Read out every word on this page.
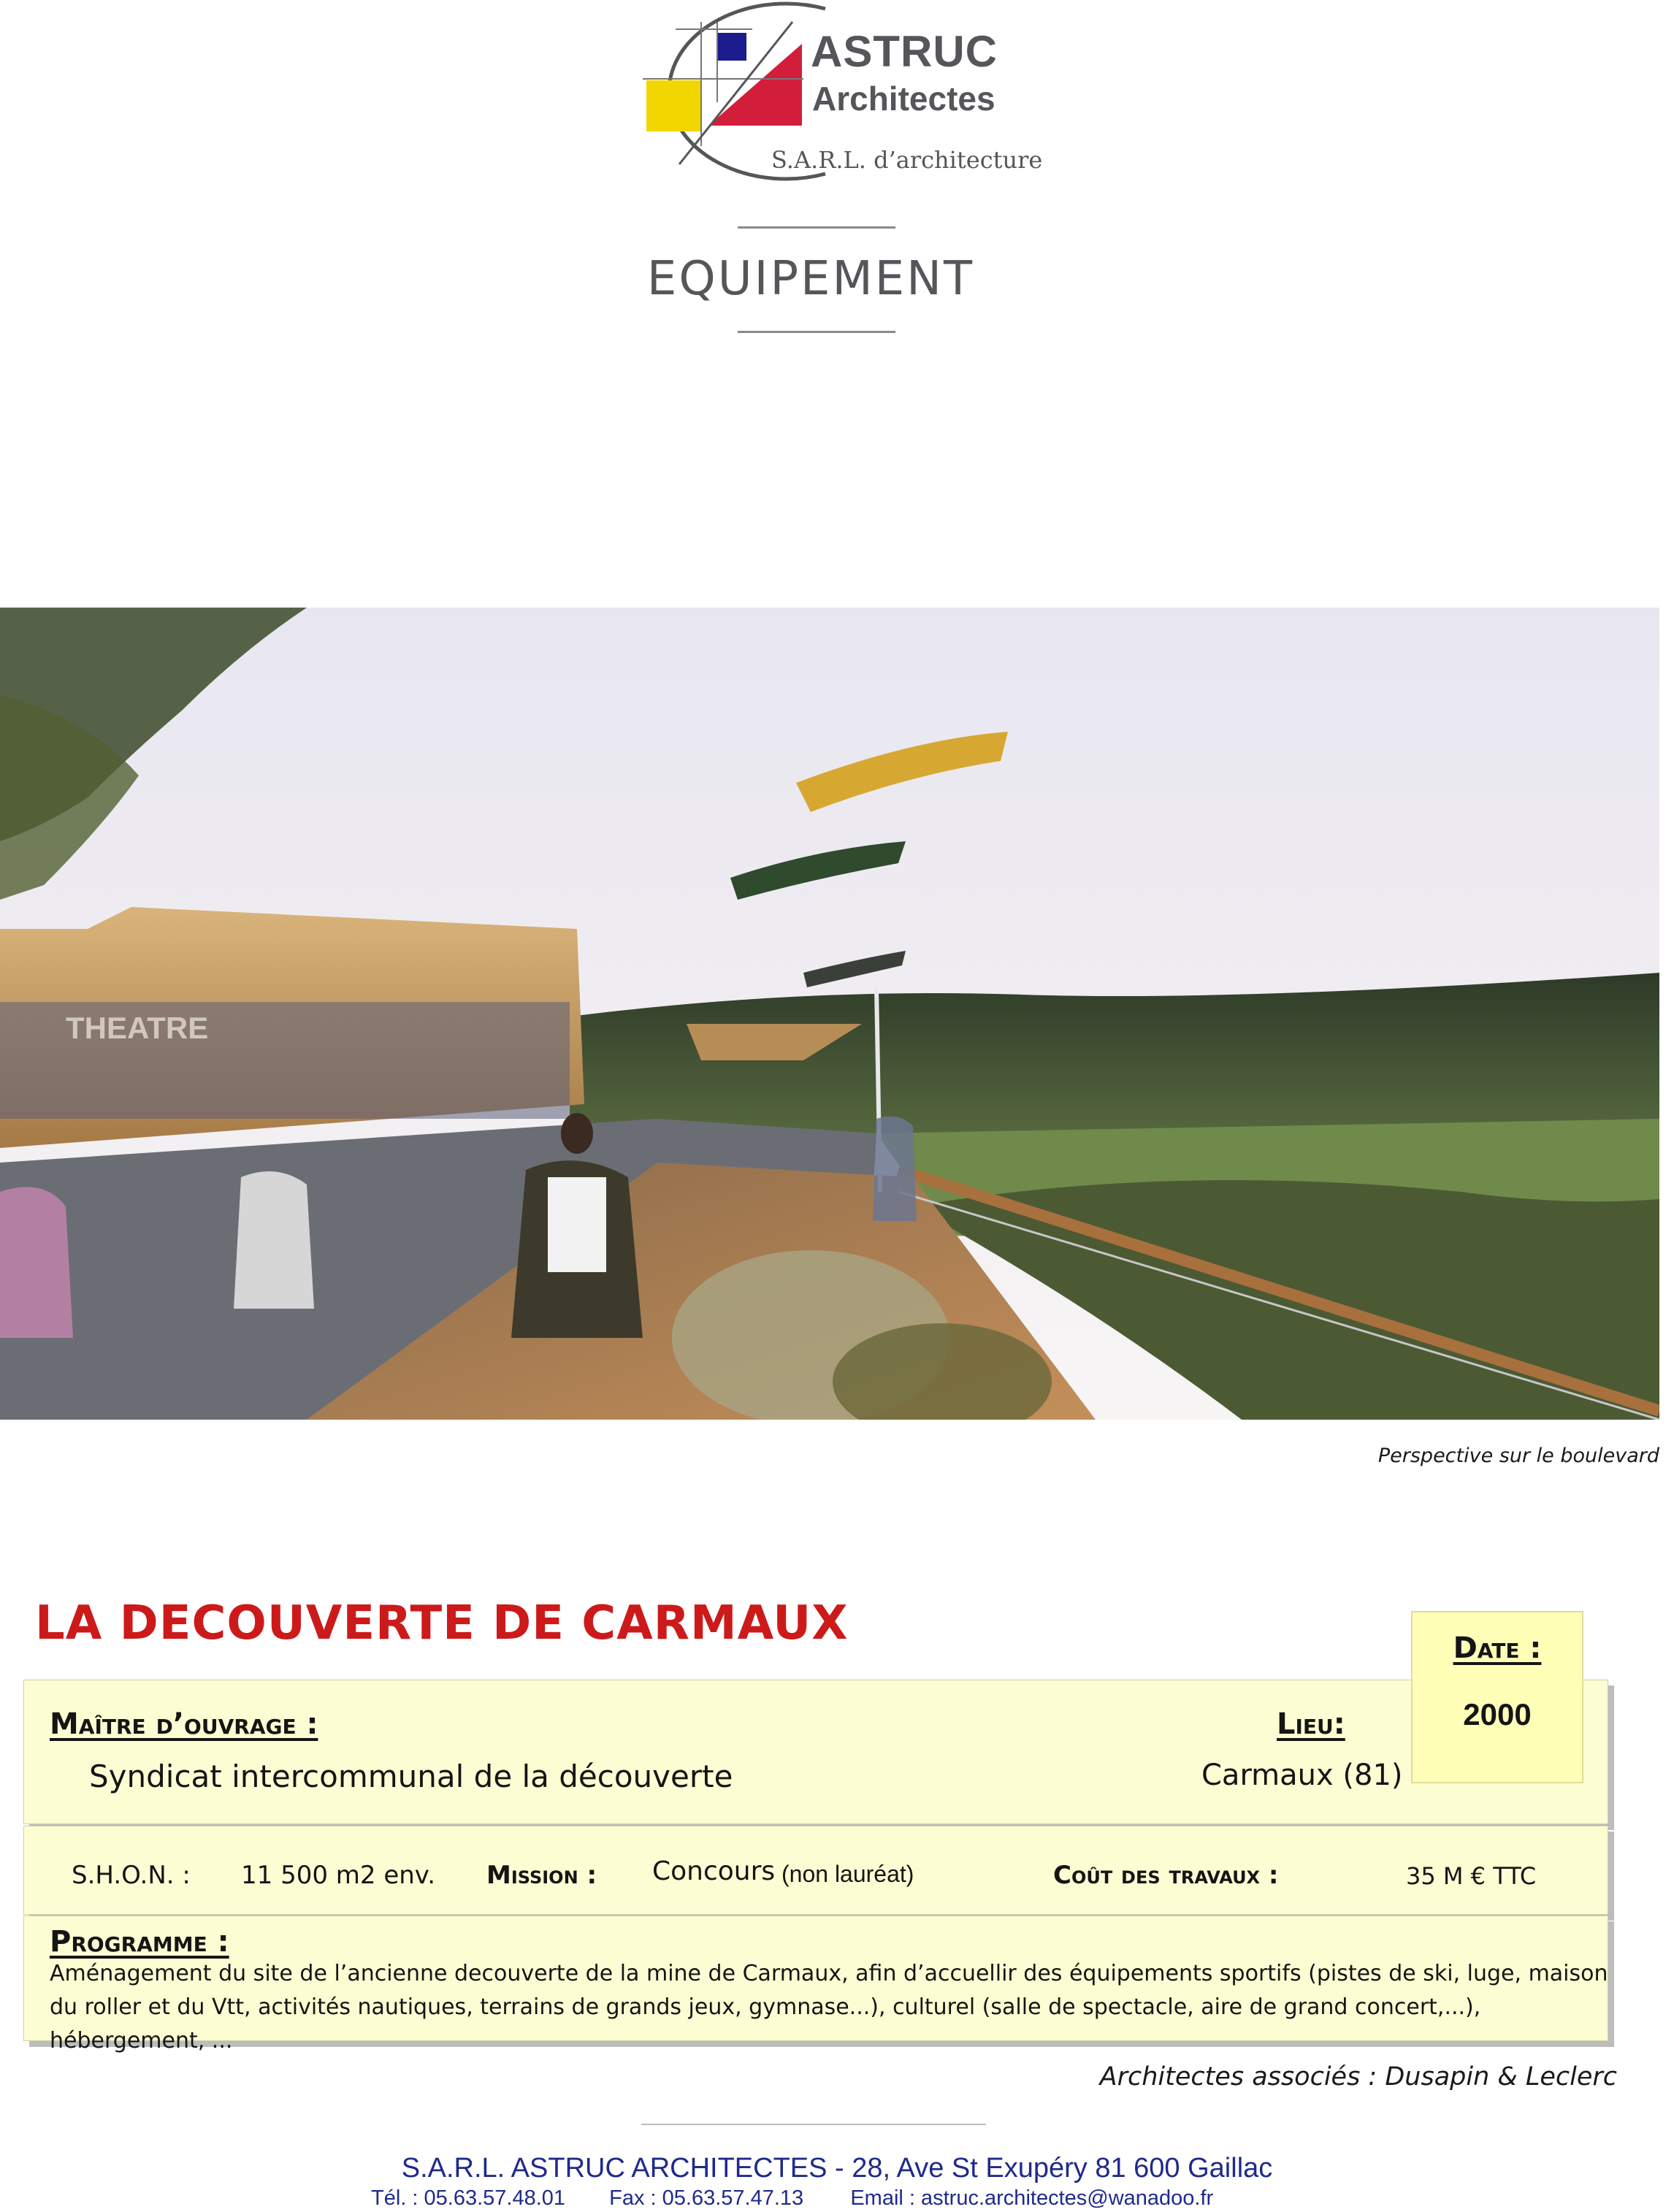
ASTRUC
Architectes
S.A.R.L. d’architecture
EQUIPEMENT
THEATRE
Perspective sur le boulevard
LA DECOUVERTE DE CARMAUX	Date :
2000
Maître d’ouvrage :
Syndicat intercommunal de la découverte
Lieu:
Carmaux (81)
S.H.O.N. : 11 500 m2 env. Mission : Concours (non lauréat)	Coût des travaux :	35 M € TTC
Programme :
Aménagement du site de l’ancienne decouverte de la mine de Carmaux, afin d’accuellir des équipements sportifs (pistes de ski, luge, maison du roller et du Vtt, activités nautiques, terrains de grands jeux, gymnase...), culturel (salle de spectacle, aire de grand concert,...), hébergement, ...
Architectes associés : Dusapin & Leclerc
S.A.R.L. ASTRUC ARCHITECTES - 28, Ave St Exupéry 81 600 Gaillac
Tél. : 05.63.57.48.01 Fax : 05.63.57.47.13 Email : astruc.architectes@wanadoo.fr
